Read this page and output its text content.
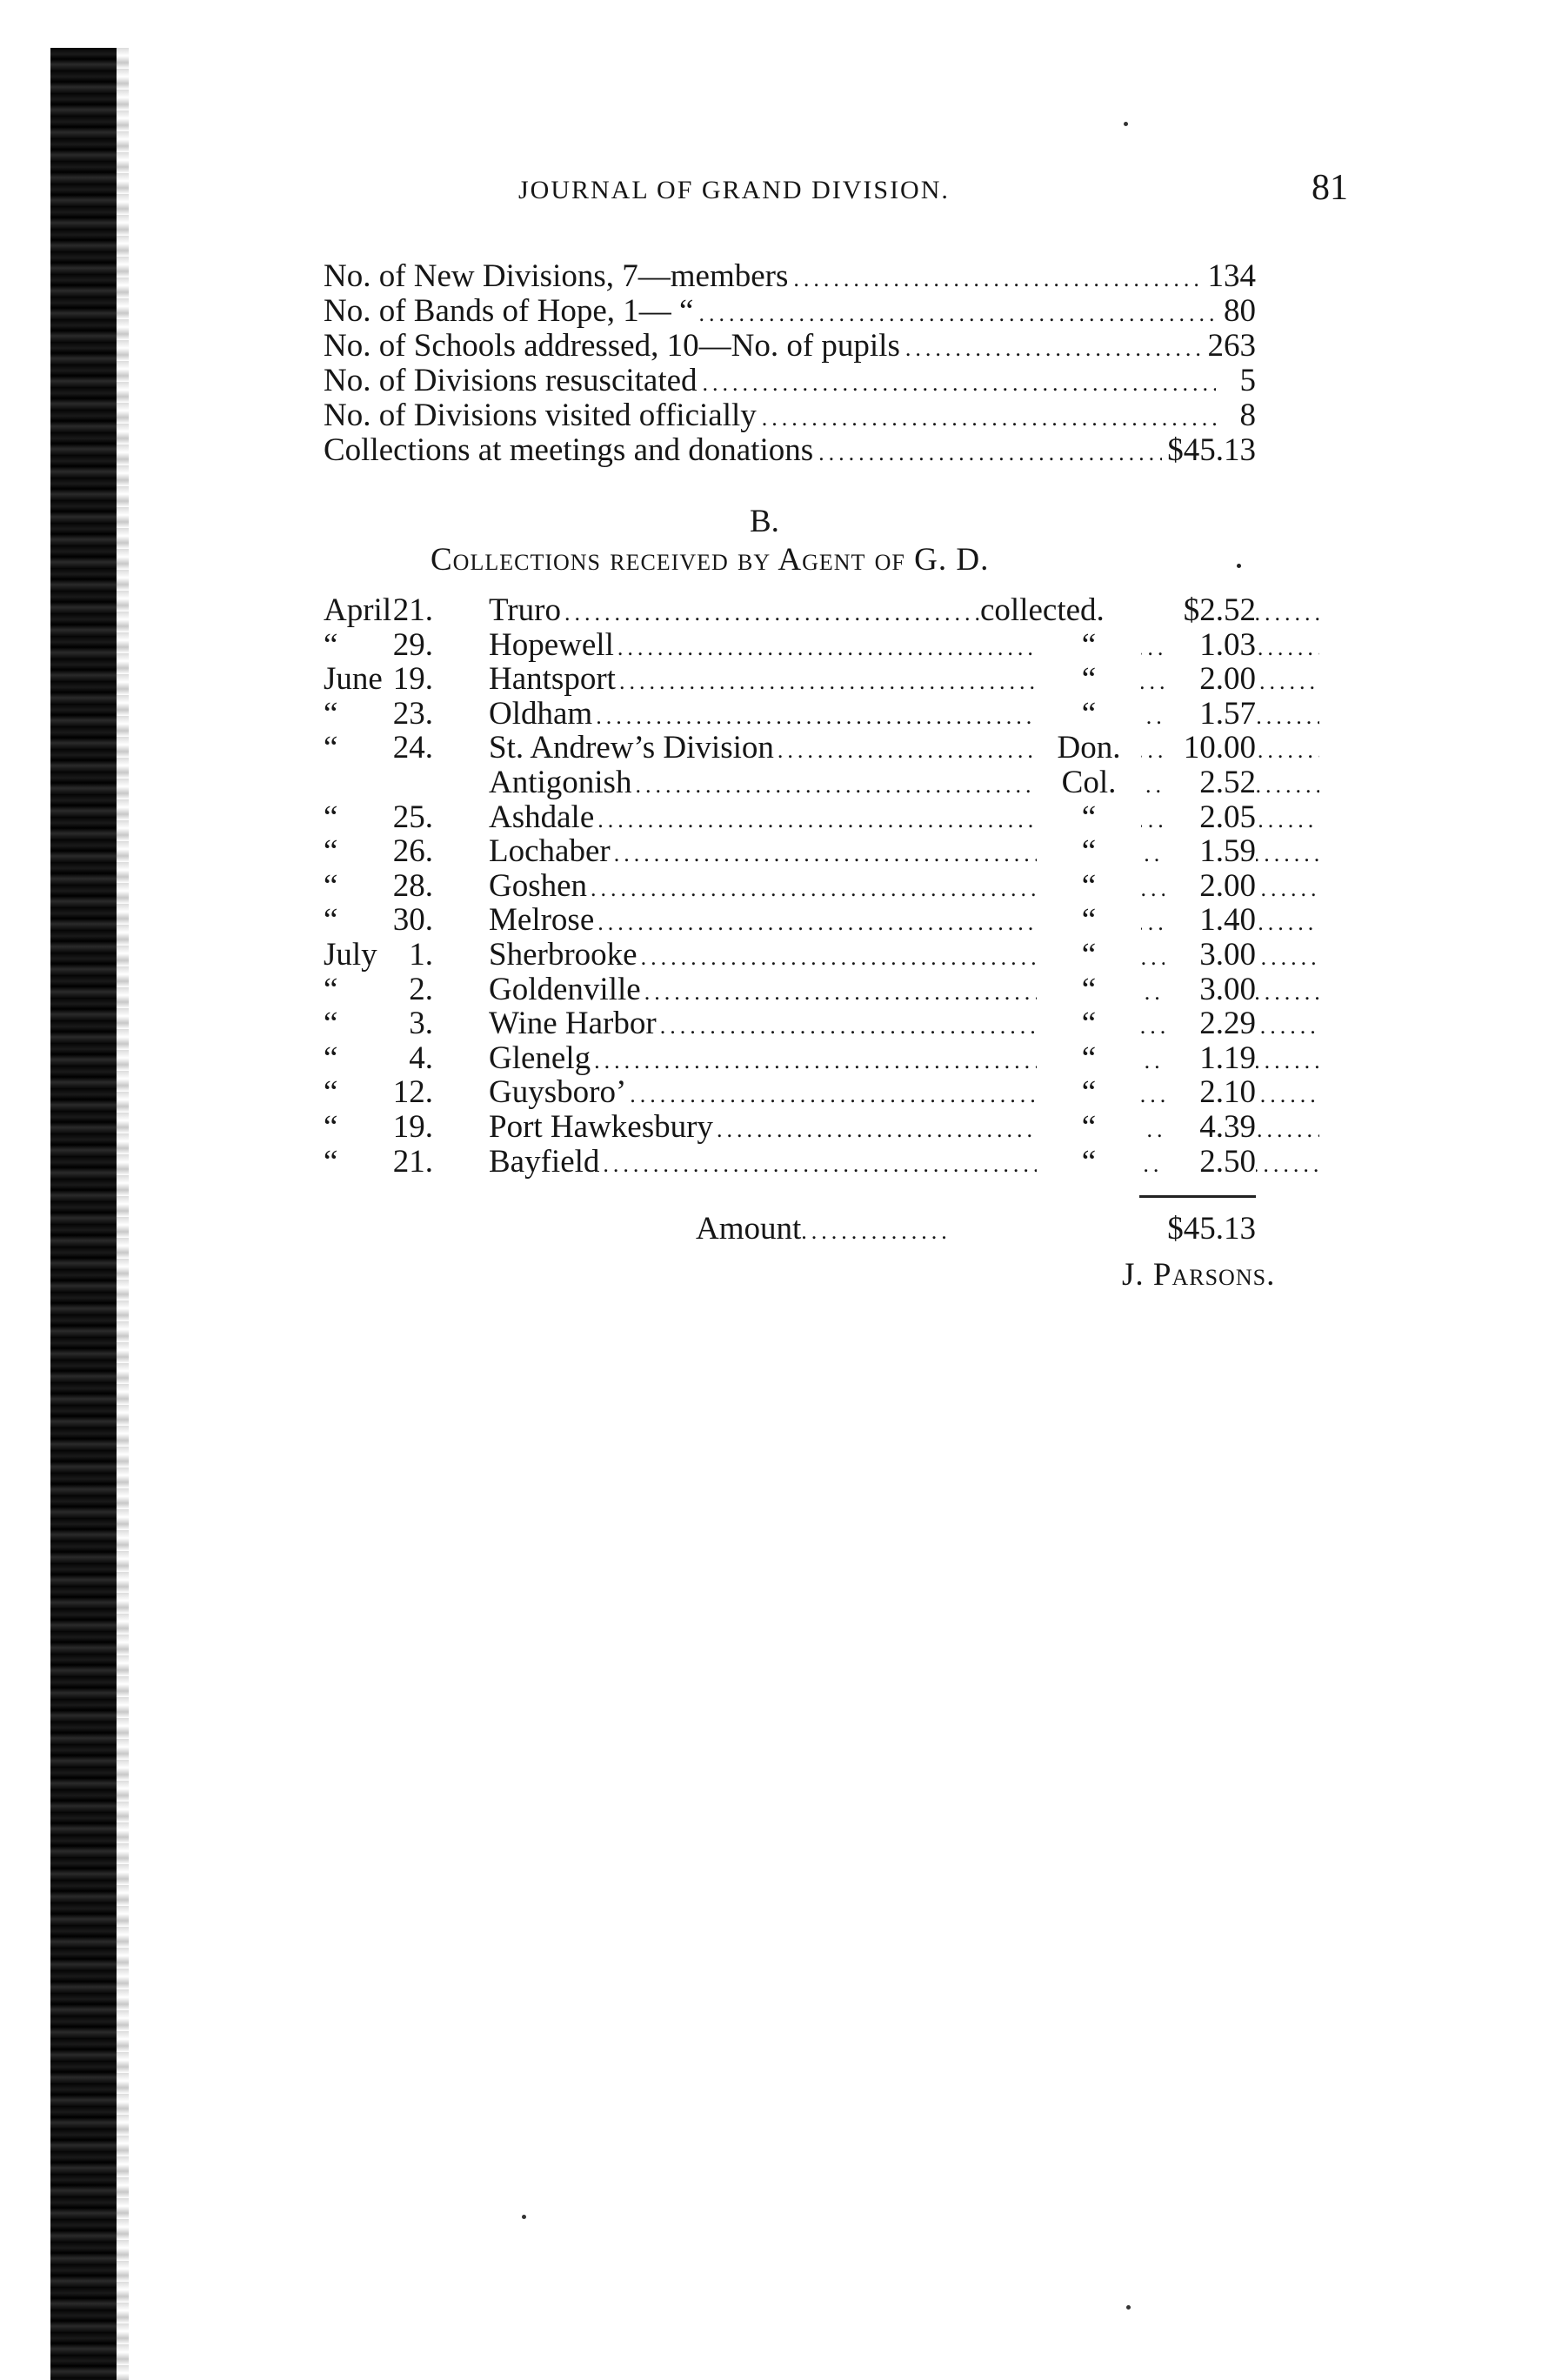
JOURNAL OF GRAND DIVISION.	81
No. of New Divisions, 7—members .....	134
No. of Bands of Hope, 1— “ .....	80
No. of Schools addressed, 10—No. of pupils .....	263
No. of Divisions resuscitated .....	5
No. of Divisions visited officially .....	8
Collections at meetings and donations .....	$45.13
B.
Collections received by Agent of G. D.
April 21. Truro .....	collected.	$2.52
“	29. Hopewell .....	“	1.03
June 19. Hantsport .....	“	2.00
“	23. Oldham .....	“	1.57
“	24. St. Andrew’s Division .....	Don.	10.00
Antigonish .....	Col.	2.52
“	25. Ashdale .....	“	2.05
“	26. Lochaber .....	“	1.59
“	28. Goshen .....	“	2.00
“	30. Melrose .....	“	1.40
July 1. Sherbrooke .....	“	3.00
“	2. Goldenville .....	“	3.00
“	3. Wine Harbor .....	“	2.29
“	4. Glenelg .....	“	1.19
“	12. Guysboro’ .....	“	2.10
“	19. Port Hawkesbury .....	“	4.39
“	21. Bayfield .....	“	2.50
Amount .....	$45.13
J. Parsons.
